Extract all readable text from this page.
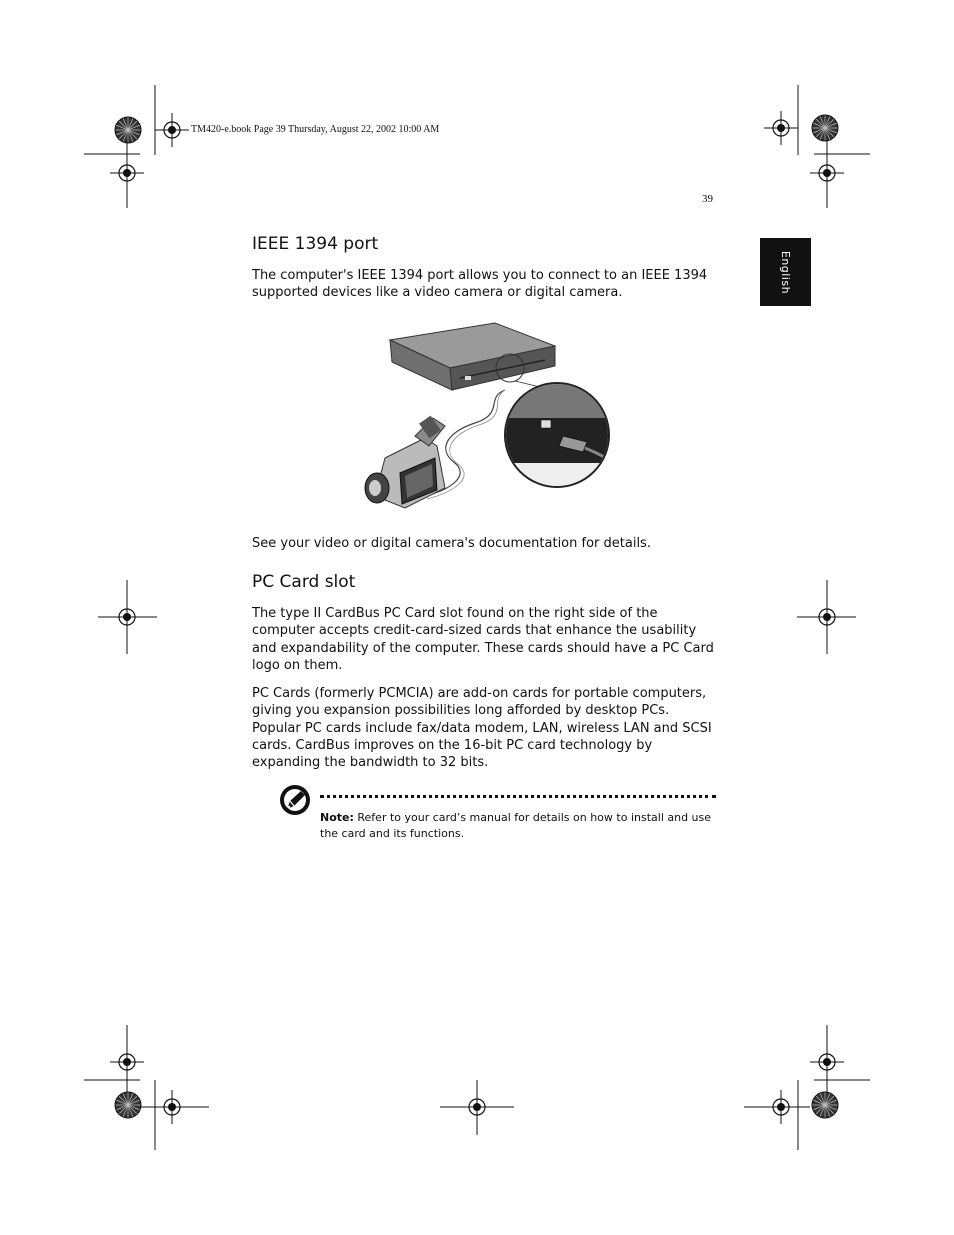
TM420-e.book Page 39 Thursday, August 22, 2002 10:00 AM
39
English
IEEE 1394 port

The computer's IEEE 1394 port allows you to connect to an IEEE 1394 supported devices like a video camera or digital camera.

See your video or digital camera's documentation for details.

PC Card slot

The type II CardBus PC Card slot found on the right side of the computer accepts credit-card-sized cards that enhance the usability and expandability of the computer. These cards should have a PC Card logo on them.

PC Cards (formerly PCMCIA) are add-on cards for portable computers, giving you expansion possibilities long afforded by desktop PCs. Popular PC cards include fax/data modem, LAN, wireless LAN and SCSI cards. CardBus improves on the 16-bit PC card technology by expanding the bandwidth to 32 bits.

Note: Refer to your card’s manual for details on how to install and use the card and its functions.
